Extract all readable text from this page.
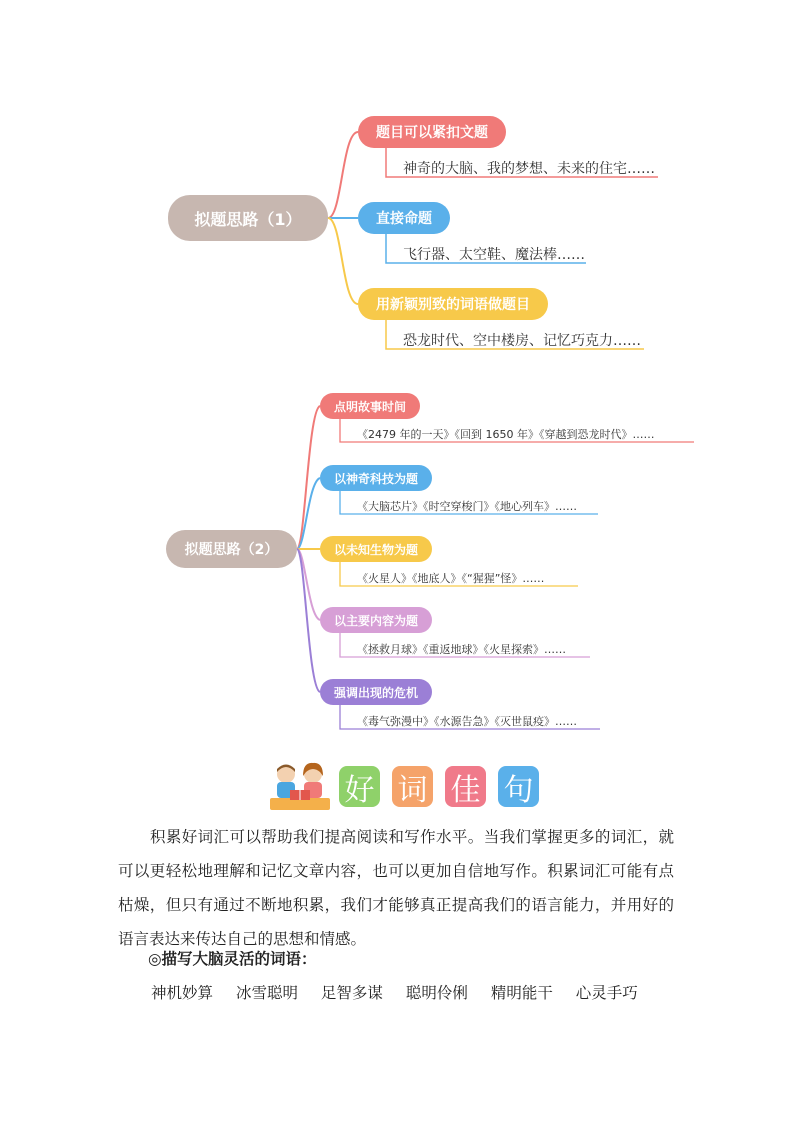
拟题思路（1）
题目可以紧扣文题
神奇的大脑、我的梦想、未来的住宅……
直接命题
飞行器、太空鞋、魔法棒……
用新颖别致的词语做题目
恐龙时代、空中楼房、记忆巧克力……
拟题思路（2）
点明故事时间
《2479 年的一天》《回到 1650 年》《穿越到恐龙时代》……
以神奇科技为题
《大脑芯片》《时空穿梭门》《地心列车》……
以未知生物为题
《火星人》《地底人》《“猩猩”怪》……
以主要内容为题
《拯救月球》《重返地球》《火星探索》……
强调出现的危机
《毒气弥漫中》《水源告急》《灭世鼠疫》……
好 词 佳 句
积累好词汇可以帮助我们提高阅读和写作水平。当我们掌握更多的词汇，就可以更轻松地理解和记忆文章内容，也可以更加自信地写作。积累词汇可能有点枯燥，但只有通过不断地积累，我们才能够真正提高我们的语言能力，并用好的语言表达来传达自己的思想和情感。
◎描写大脑灵活的词语：
神机妙算 冰雪聪明 足智多谋 聪明伶俐 精明能干 心灵手巧
